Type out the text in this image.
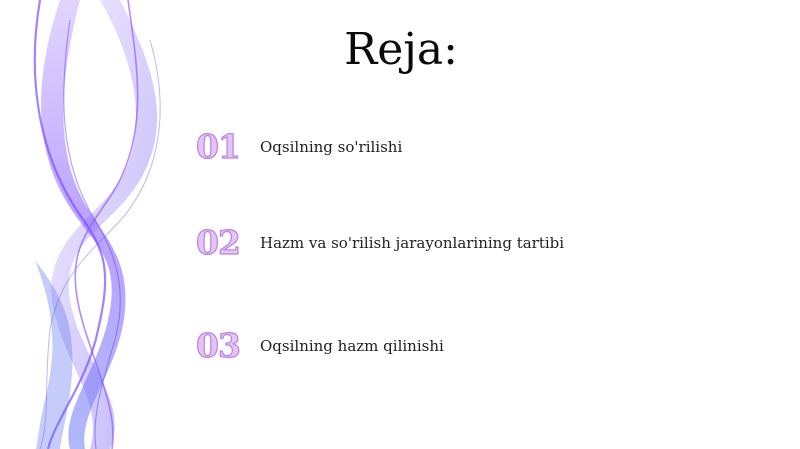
Reja:
01	Oqsilning so'rilishi
02	Hazm va so'rilish jarayonlarining tartibi
03	Oqsilning hazm qilinishi
